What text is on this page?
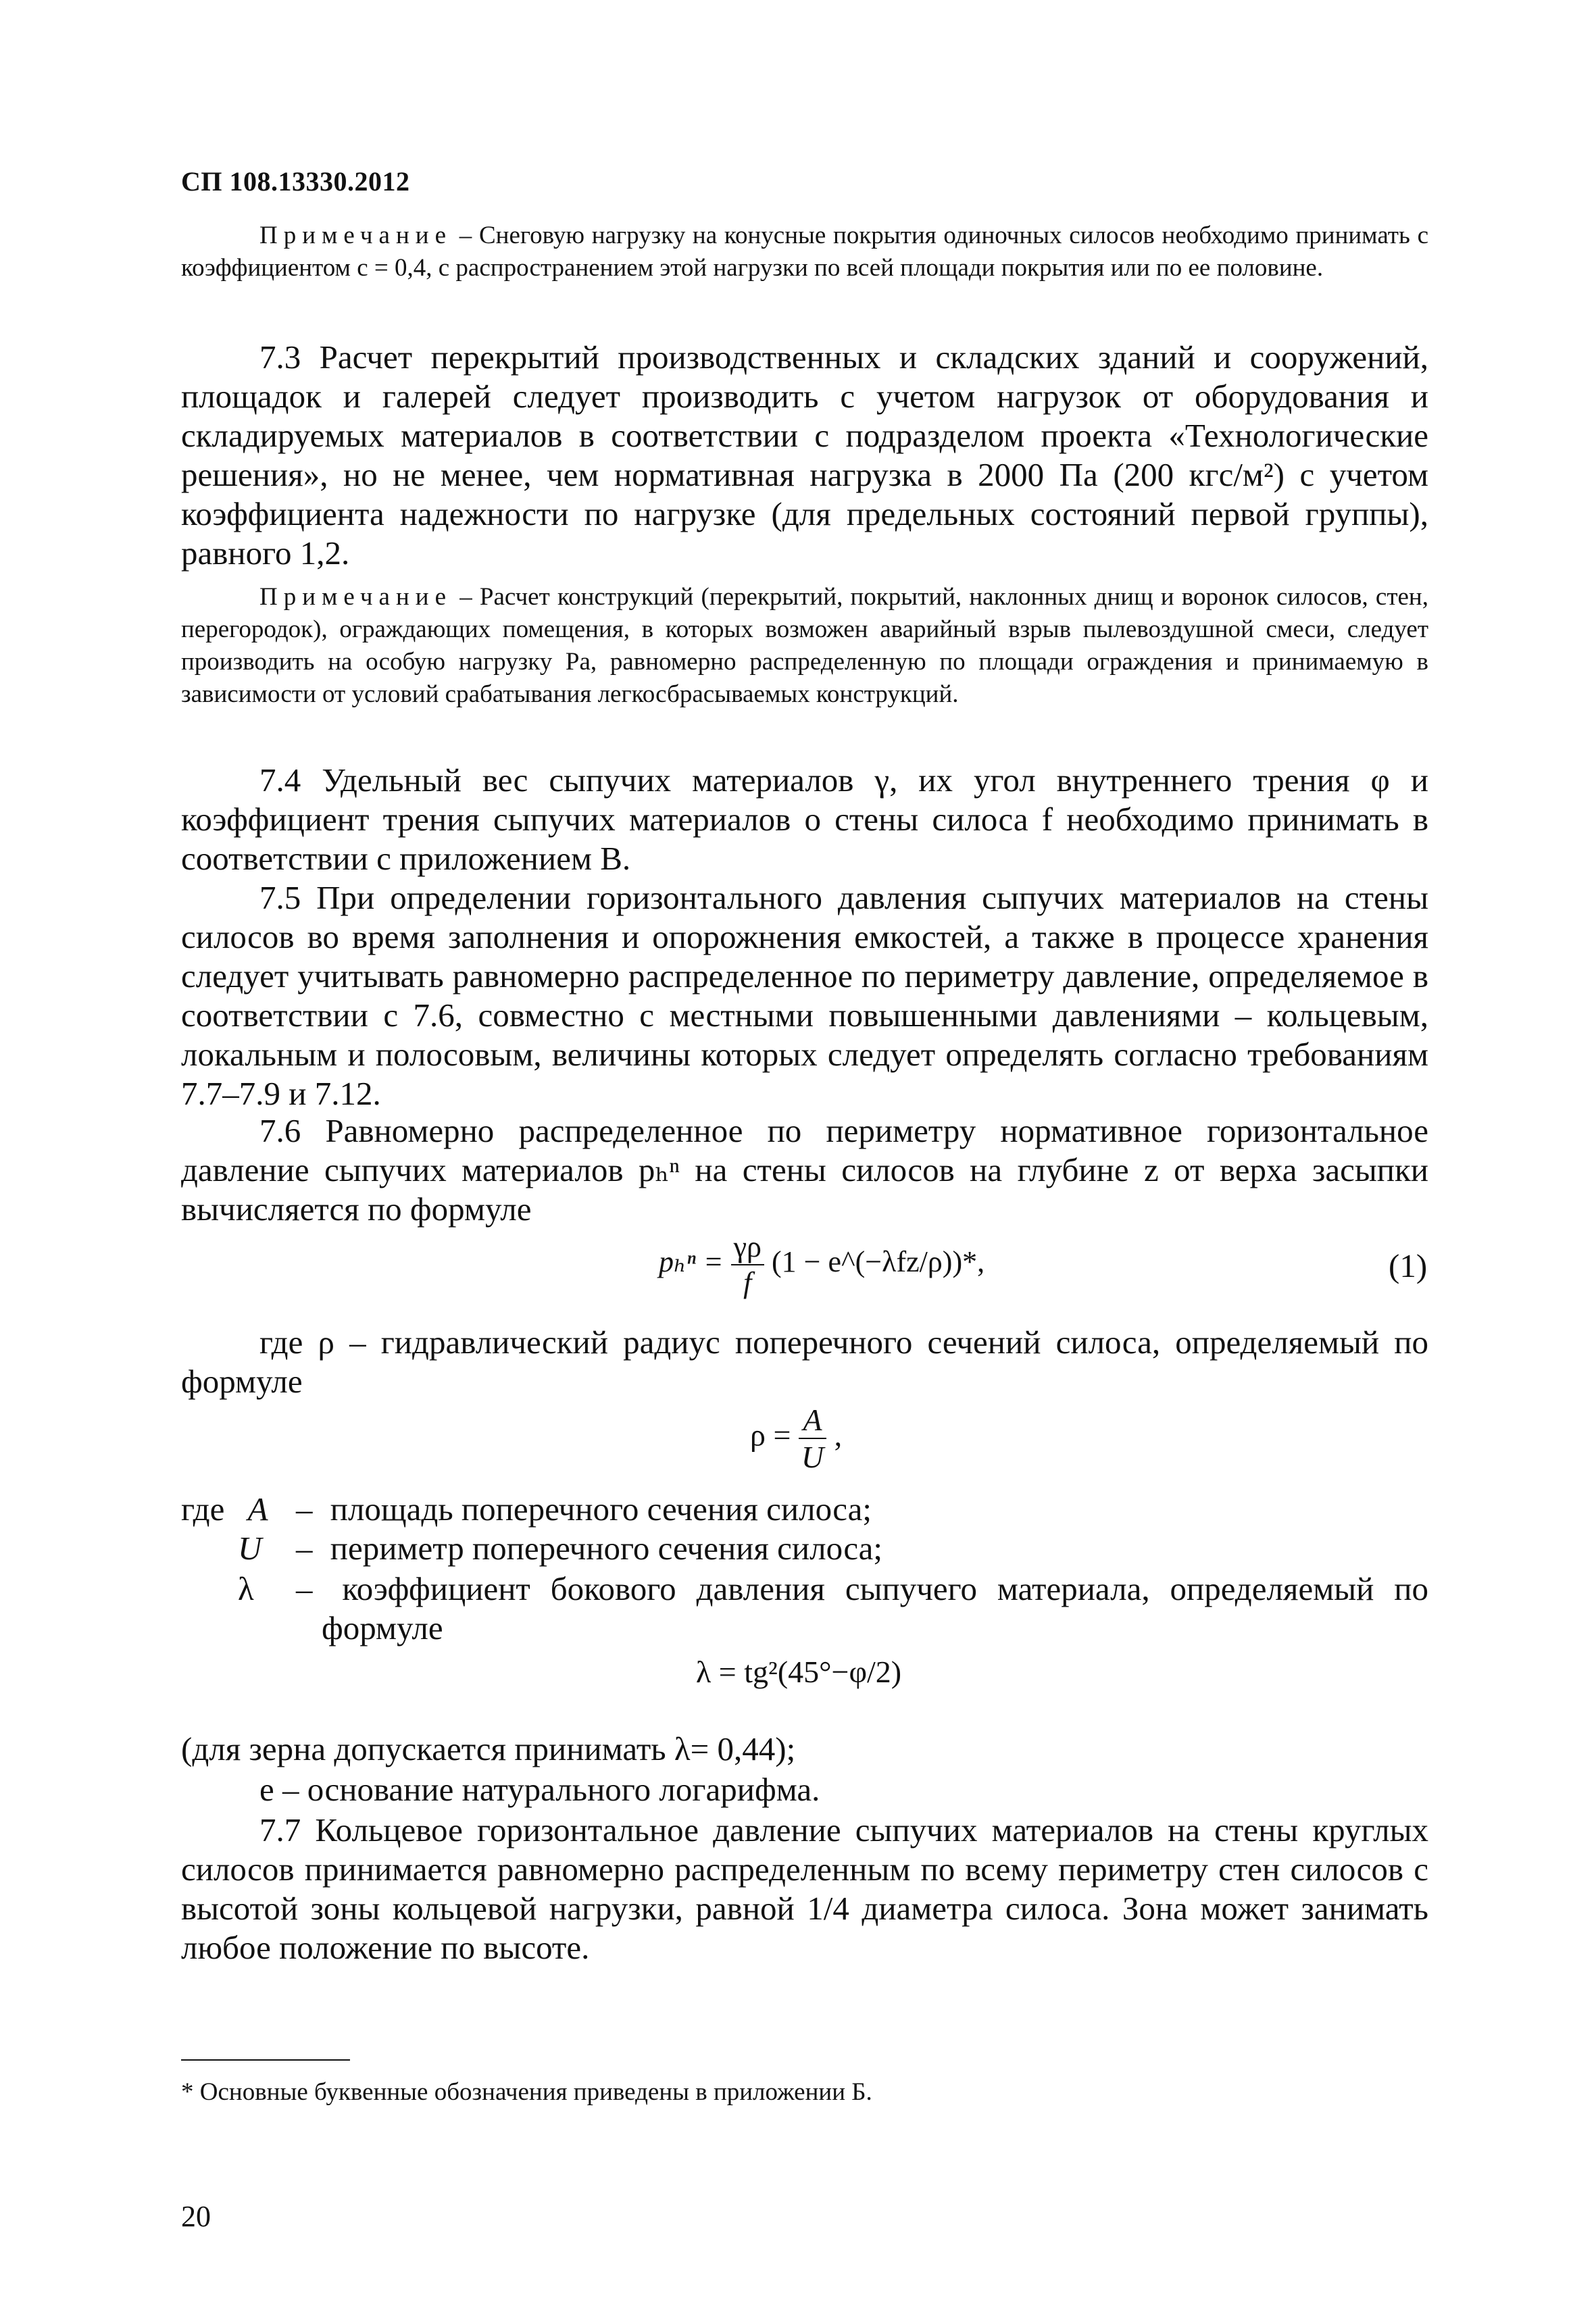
СП 108.13330.2012

Примечание – Снеговую нагрузку на конусные покрытия одиночных силосов необходимо принимать с коэффициентом c = 0,4, с распространением этой нагрузки по всей площади покрытия или по ее половине.

7.3 Расчет перекрытий производственных и складских зданий и сооружений, площадок и галерей следует производить с учетом нагрузок от оборудования и складируемых материалов в соответствии с подразделом проекта «Технологические решения», но не менее, чем нормативная нагрузка в 2000 Па (200 кгс/м²) с учетом коэффициента надежности по нагрузке (для предельных состояний первой группы), равного 1,2.

Примечание – Расчет конструкций (перекрытий, покрытий, наклонных днищ и воронок силосов, стен, перегородок), ограждающих помещения, в которых возможен аварийный взрыв пылевоздушной смеси, следует производить на особую нагрузку Pa, равномерно распределенную по площади ограждения и принимаемую в зависимости от условий срабатывания легкосбрасываемых конструкций.

7.4 Удельный вес сыпучих материалов γ, их угол внутреннего трения φ и коэффициент трения сыпучих материалов о стены силоса f необходимо принимать в соответствии с приложением В.

7.5 При определении горизонтального давления сыпучих материалов на стены силосов во время заполнения и опорожнения емкостей, а также в процессе хранения следует учитывать равномерно распределенное по периметру давление, определяемое в соответствии с 7.6, совместно с местными повышенными давлениями – кольцевым, локальным и полосовым, величины которых следует определять согласно требованиям 7.7–7.9 и 7.12.

7.6 Равномерно распределенное по периметру нормативное горизонтальное давление сыпучих материалов pₕⁿ на стены силосов на глубине z от верха засыпки вычисляется по формуле

$p_h^n = \frac{\gamma\rho}{f} (1$ − e^(−λfz/ρ))*,	(1)

где ρ – гидравлический радиус поперечного сечений силоса, определяемый по формуле

$\rho = \frac{A}{U}$ ,
где A – площадь поперечного сечения силоса;
U – периметр поперечного сечения силоса;
λ – коэффициент бокового давления сыпучего материала, определяемый по
формуле
λ = tg²(45°−φ/2)

(для зерна допускается принимать λ= 0,44);

e – основание натурального логарифма.

7.7 Кольцевое горизонтальное давление сыпучих материалов на стены круглых силосов принимается равномерно распределенным по всему периметру стен силосов с высотой зоны кольцевой нагрузки, равной 1/4 диаметра силоса. Зона может занимать любое положение по высоте.

* Основные буквенные обозначения приведены в приложении Б.
20
